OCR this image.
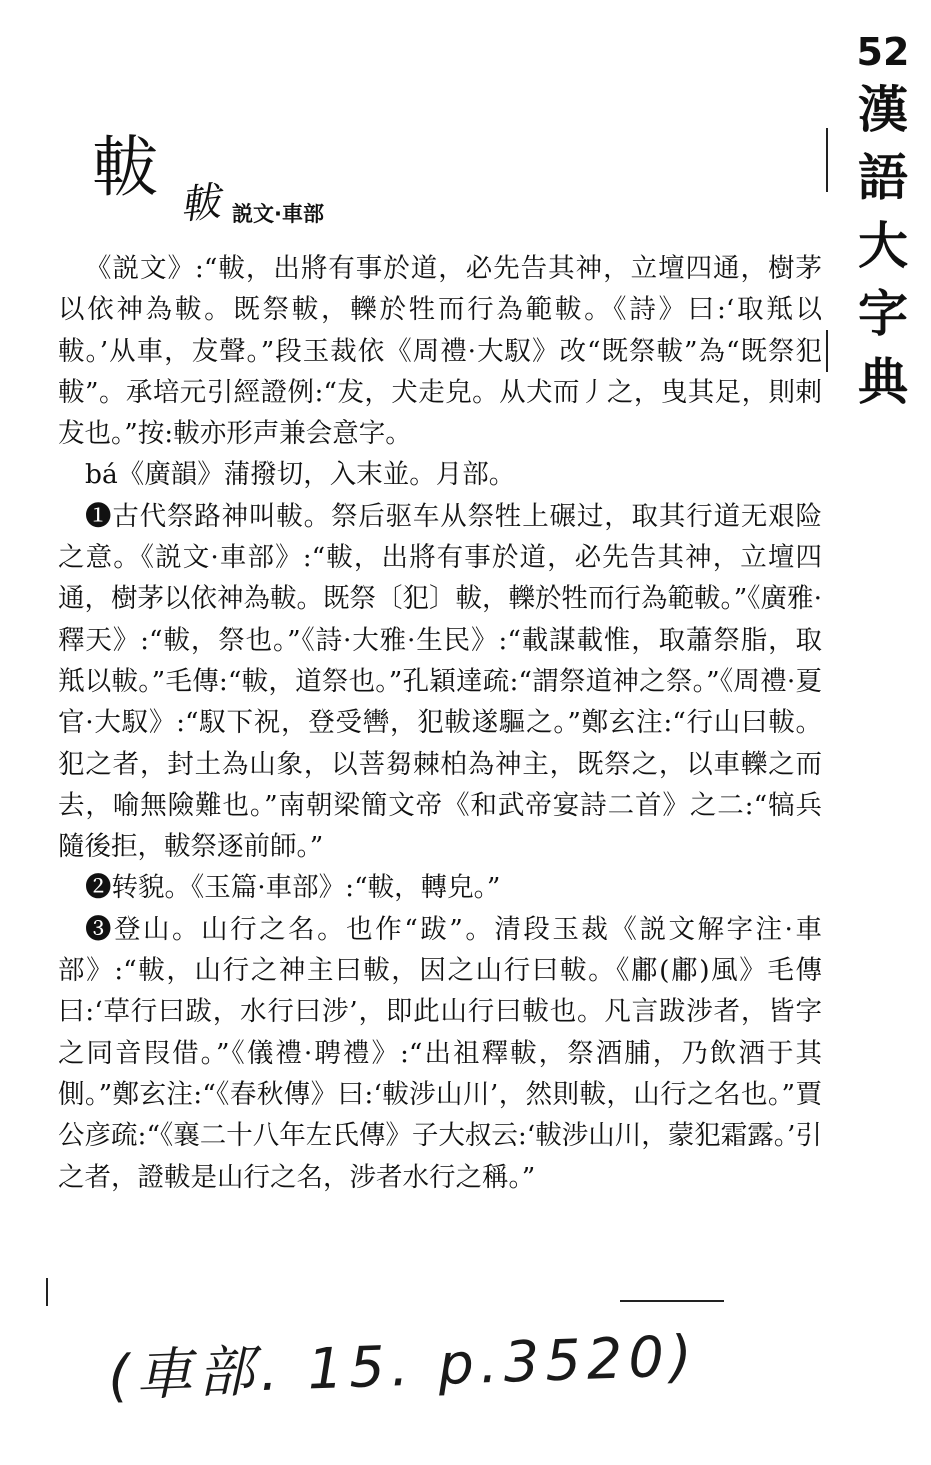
52
漢
語
大
字
典
軷 軷 説文·車部

《説文》:“軷，出將有事於道，必先告其神，立壇四通，樹茅以依神為軷。既祭軷，轢於牲而行為範軷。《詩》曰:‘取羝以軷。’从車，犮聲。”段玉裁依《周禮·大馭》改“既祭軷”為“既祭犯軷”。承培元引經證例:“犮，犬走皃。从犬而丿之，曳其足，則剌犮也。”按:軷亦形声兼会意字。

bá《廣韻》蒲撥切，入末並。月部。

❶古代祭路神叫軷。祭后驱车从祭牲上碾过，取其行道无艰险之意。《説文·車部》:“軷，出將有事於道，必先告其神，立壇四通，樹茅以依神為軷。既祭〔犯〕軷，轢於牲而行為範軷。”《廣雅·釋天》:“軷，祭也。”《詩·大雅·生民》:“載謀載惟，取蕭祭脂，取羝以軷。”毛傳:“軷，道祭也。”孔穎達疏:“謂祭道神之祭。”《周禮·夏官·大馭》:“馭下祝，登受轡，犯軷遂驅之。”鄭玄注:“行山曰軷。犯之者，封土為山象，以菩芻棘柏為神主，既祭之，以車轢之而去，喻無險難也。”南朝梁簡文帝《和武帝宴詩二首》之二:“犒兵隨後拒，軷祭逐前師。”

❷转貌。《玉篇·車部》:“軷，轉皃。”

❸登山。山行之名。也作“跋”。清段玉裁《説文解字注·車部》:“軷，山行之神主曰軷，因之山行曰軷。《鄘(鄘)風》毛傳曰:‘草行曰跋，水行曰涉’，即此山行曰軷也。凡言跋涉者，皆字之同音叚借。”《儀禮·聘禮》:“出祖釋軷，祭酒脯，乃飲酒于其側。”鄭玄注:“《春秋傳》曰:‘軷涉山川’，然則軷，山行之名也。”賈公彦疏:“《襄二十八年左氏傳》子大叔云:‘軷涉山川，蒙犯霜露。’引之者，證軷是山行之名，涉者水行之稱。”

(車部. 15. p.3520)
